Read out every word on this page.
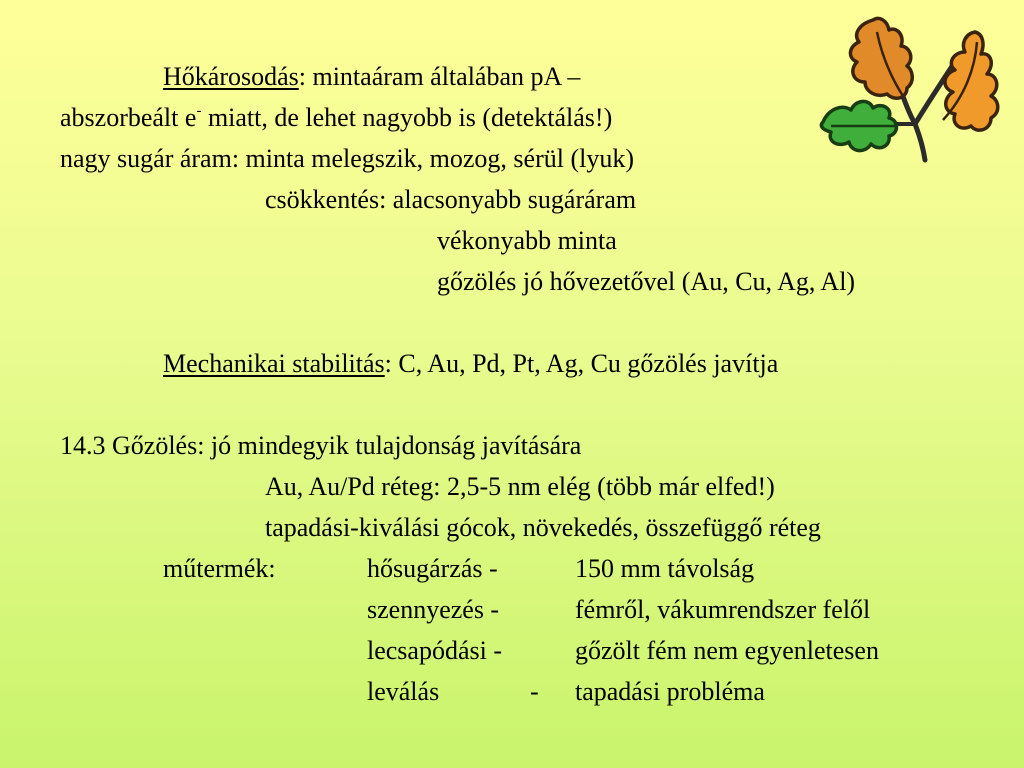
Hőkárosodás: mintaáram általában pA –
abszorbeált e- miatt, de lehet nagyobb is (detektálás!)
nagy sugár áram: minta melegszik, mozog, sérül (lyuk)
csökkentés: alacsonyabb sugáráram
vékonyabb minta
gőzölés jó hővezetővel (Au, Cu, Ag, Al)
Mechanikai stabilitás: C, Au, Pd, Pt, Ag, Cu gőzölés javítja
14.3 Gőzölés: jó mindegyik tulajdonság javítására
Au, Au/Pd réteg: 2,5-5 nm elég (több már elfed!)
tapadási-kiválási gócok, növekedés, összefüggő réteg
műtermék:	hősugárzás -	150 mm távolság
szennyezés -	fémről, vákumrendszer felől
lecsapódási -	gőzölt fém nem egyenletesen
leválás	- tapadási probléma
